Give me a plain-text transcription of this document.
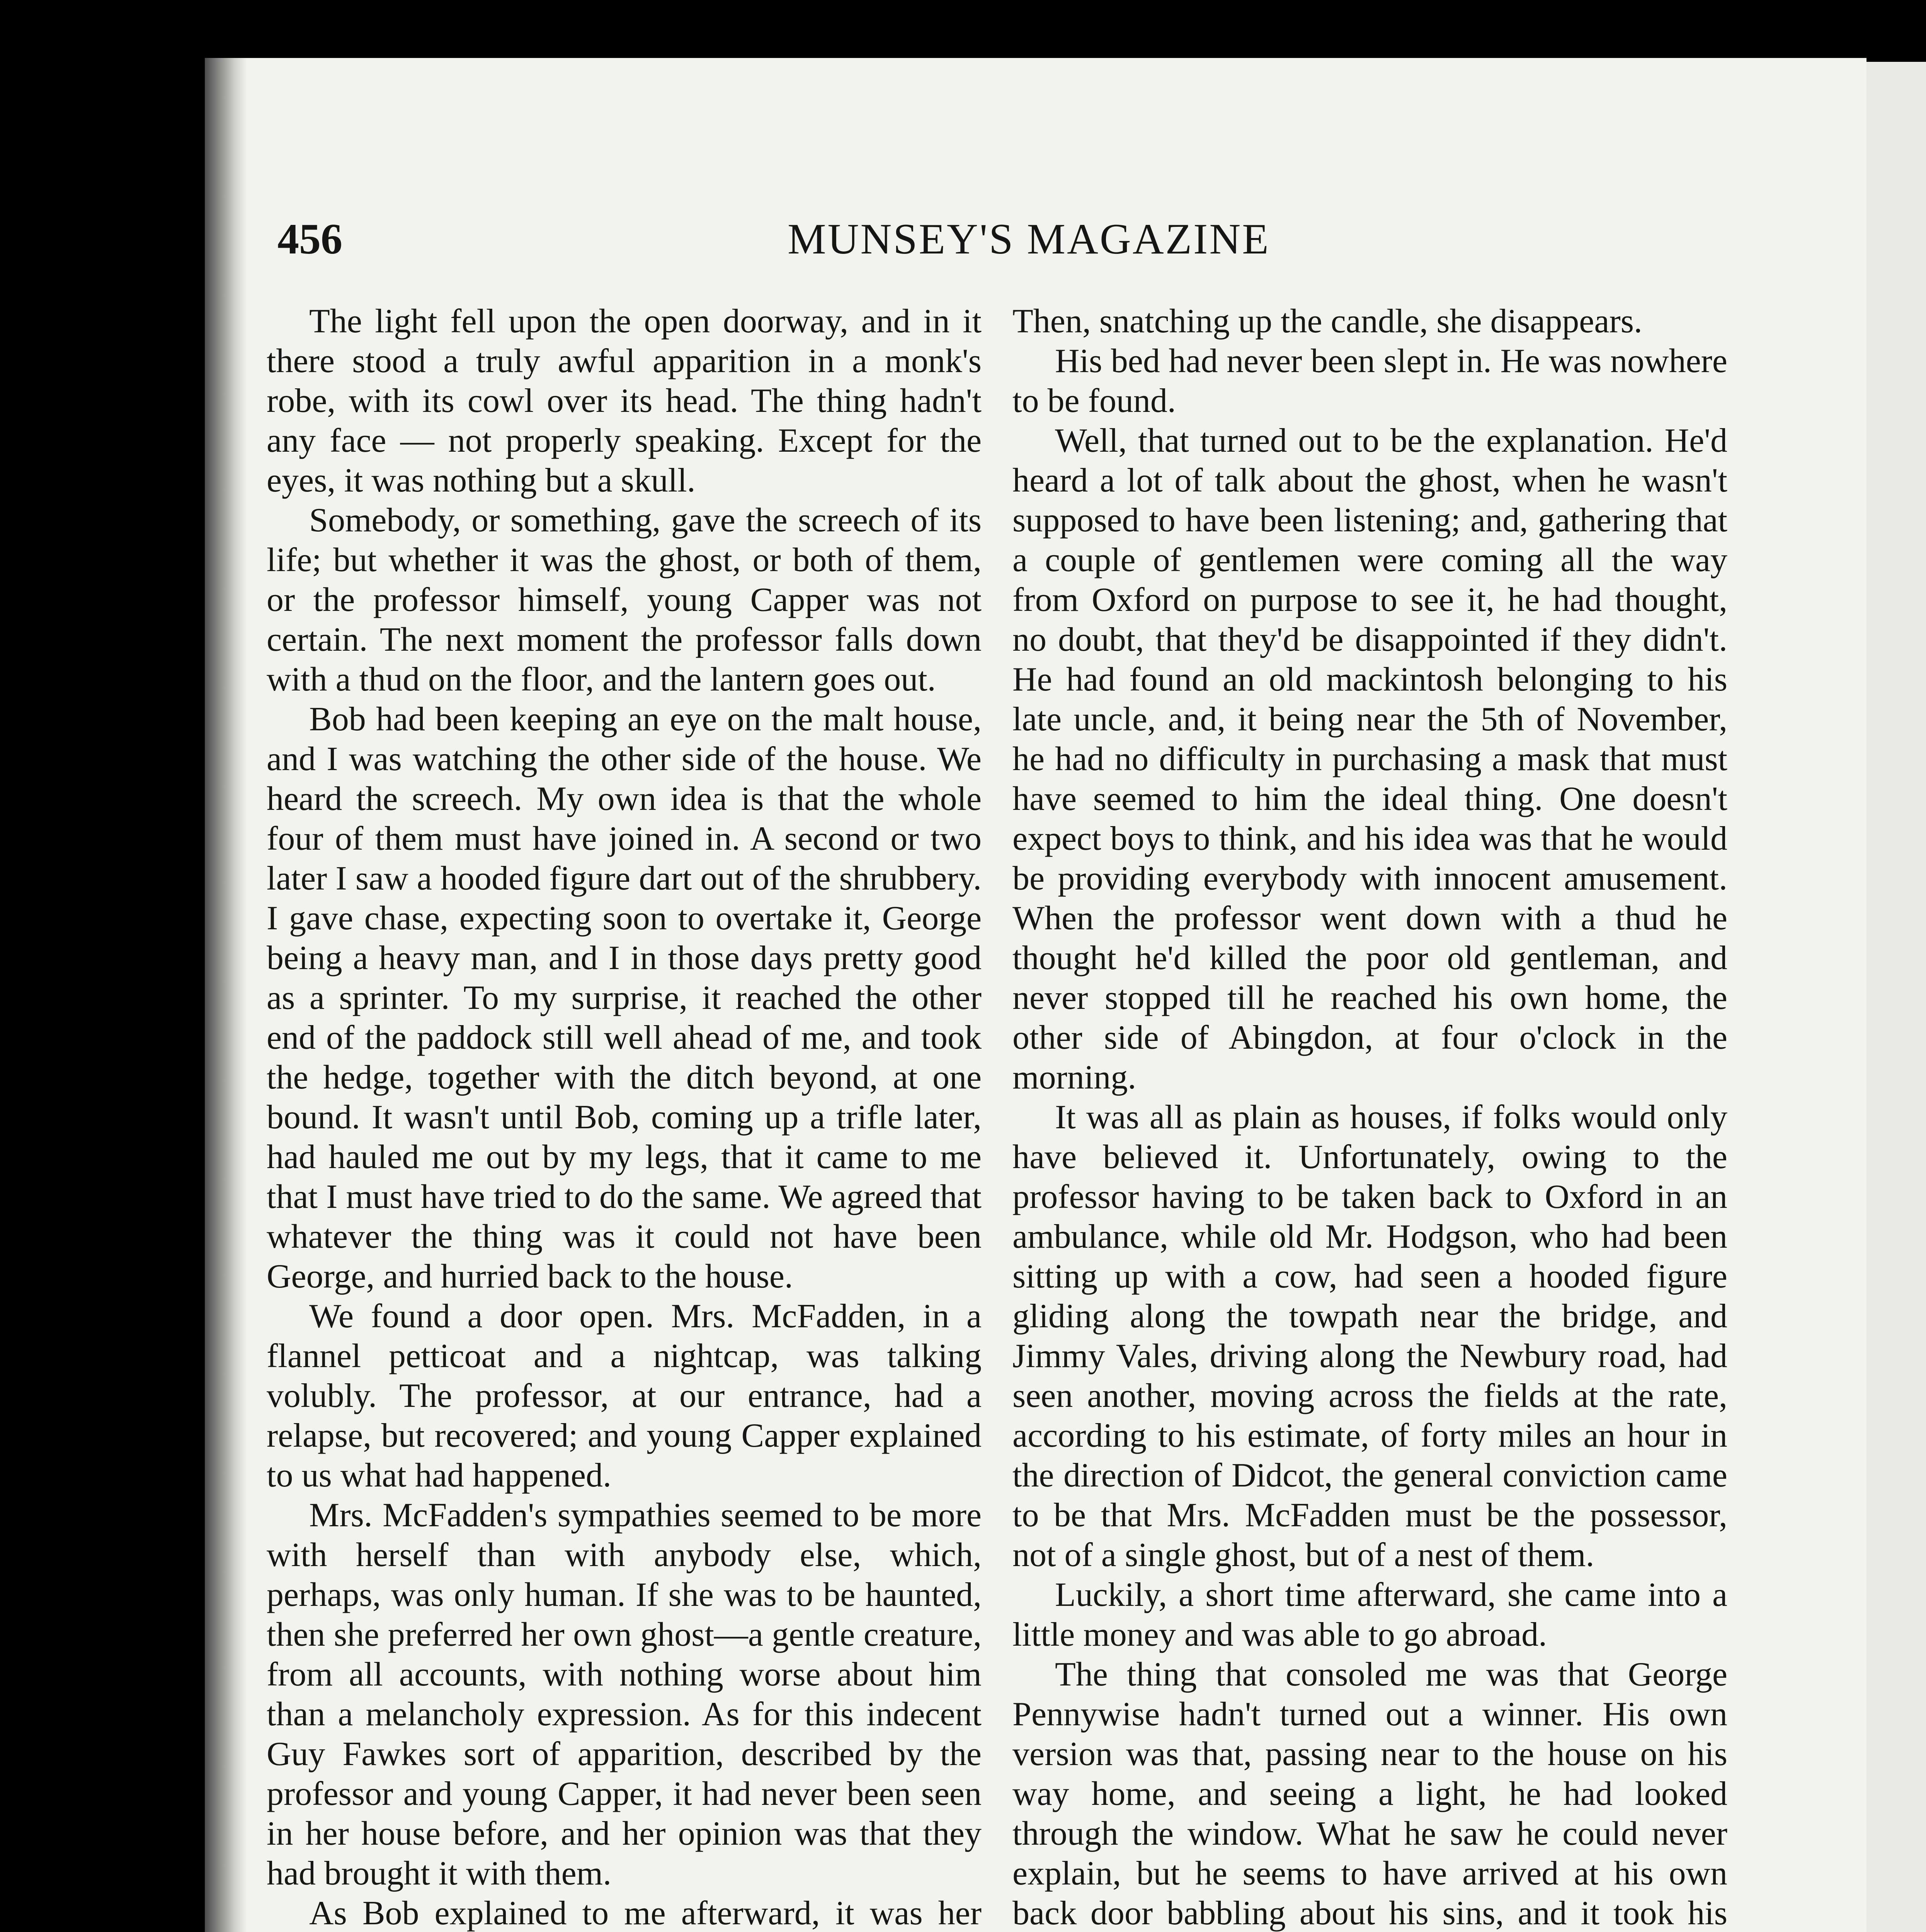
456	MUNSEY'S MAGAZINE

The light fell upon the open doorway, and in it there stood a truly awful apparition in a monk's robe, with its cowl over its head. The thing hadn't any face — not properly speaking. Except for the eyes, it was nothing but a skull.

Somebody, or something, gave the screech of its life; but whether it was the ghost, or both of them, or the professor himself, young Capper was not certain. The next moment the professor falls down with a thud on the floor, and the lantern goes out.

Bob had been keeping an eye on the malt house, and I was watching the other side of the house. We heard the screech. My own idea is that the whole four of them must have joined in. A second or two later I saw a hooded figure dart out of the shrubbery. I gave chase, expecting soon to overtake it, George being a heavy man, and I in those days pretty good as a sprinter. To my surprise, it reached the other end of the paddock still well ahead of me, and took the hedge, together with the ditch beyond, at one bound. It wasn't until Bob, coming up a trifle later, had hauled me out by my legs, that it came to me that I must have tried to do the same. We agreed that whatever the thing was it could not have been George, and hurried back to the house.

We found a door open. Mrs. McFadden, in a flannel petticoat and a nightcap, was talking volubly. The professor, at our entrance, had a relapse, but recovered; and young Capper explained to us what had happened.

Mrs. McFadden's sympathies seemed to be more with herself than with anybody else, which, perhaps, was only human. If she was to be haunted, then she preferred her own ghost—a gentle creature, from all accounts, with nothing worse about him than a melancholy expression. As for this indecent Guy Fawkes sort of apparition, described by the professor and young Capper, it had never been seen in her house before, and her opinion was that they had brought it with them.

As Bob explained to me afterward, it was her

Then, snatching up the candle, she disappears.

His bed had never been slept in. He was nowhere to be found.

Well, that turned out to be the explanation. He'd heard a lot of talk about the ghost, when he wasn't supposed to have been listening; and, gathering that a couple of gentlemen were coming all the way from Oxford on purpose to see it, he had thought, no doubt, that they'd be disappointed if they didn't. He had found an old mackintosh belonging to his late uncle, and, it being near the 5th of November, he had no difficulty in purchasing a mask that must have seemed to him the ideal thing. One doesn't expect boys to think, and his idea was that he would be providing everybody with innocent amusement. When the professor went down with a thud he thought he'd killed the poor old gentleman, and never stopped till he reached his own home, the other side of Abingdon, at four o'clock in the morning.

It was all as plain as houses, if folks would only have believed it. Unfortunately, owing to the professor having to be taken back to Oxford in an ambulance, while old Mr. Hodgson, who had been sitting up with a cow, had seen a hooded figure gliding along the towpath near the bridge, and Jimmy Vales, driving along the Newbury road, had seen another, moving across the fields at the rate, according to his estimate, of forty miles an hour in the direction of Didcot, the general conviction came to be that Mrs. McFadden must be the possessor, not of a single ghost, but of a nest of them.

Luckily, a short time afterward, she came into a little money and was able to go abroad.

The thing that consoled me was that George Pennywise hadn't turned out a winner. His own version was that, passing near to the house on his way home, and seeing a light, he had looked through the window. What he saw he could never explain, but he seems to have arrived at his own back door babbling about his sins, and it took his
